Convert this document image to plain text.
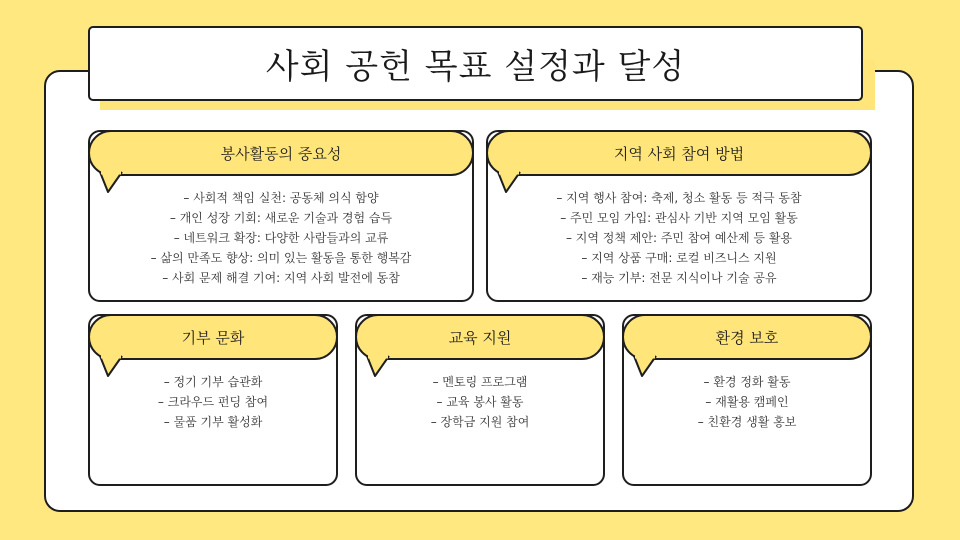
사회 공헌 목표 설정과 달성
봉사활동의 중요성
– 사회적 책임 실천: 공동체 의식 함양
– 개인 성장 기회: 새로운 기술과 경험 습득
– 네트워크 확장: 다양한 사람들과의 교류
– 삶의 만족도 향상: 의미 있는 활동을 통한 행복감
– 사회 문제 해결 기여: 지역 사회 발전에 동참
지역 사회 참여 방법
– 지역 행사 참여: 축제, 청소 활동 등 적극 동참
– 주민 모임 가입: 관심사 기반 지역 모임 활동
– 지역 정책 제안: 주민 참여 예산제 등 활용
– 지역 상품 구매: 로컬 비즈니스 지원
– 재능 기부: 전문 지식이나 기술 공유
기부 문화
– 정기 기부 습관화
– 크라우드 펀딩 참여
– 물품 기부 활성화
교육 지원
– 멘토링 프로그램
– 교육 봉사 활동
– 장학금 지원 참여
환경 보호
– 환경 정화 활동
– 재활용 캠페인
– 친환경 생활 홍보
